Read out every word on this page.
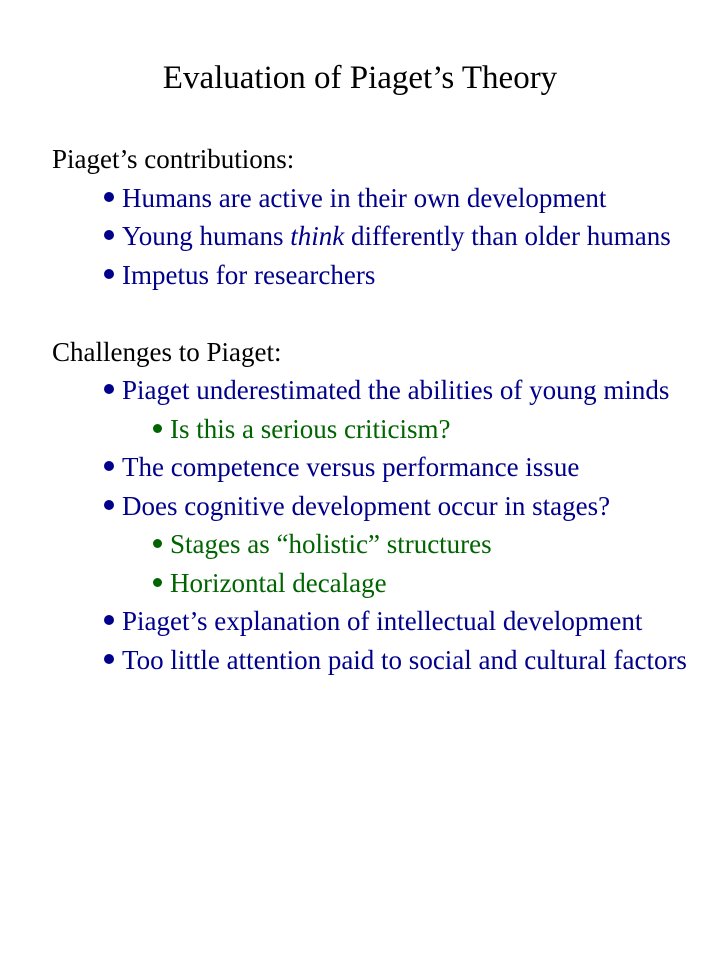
Evaluation of Piaget’s Theory
Piaget’s contributions:
Humans are active in their own development
Young humans think differently than older humans
Impetus for researchers
Challenges to Piaget:
Piaget underestimated the abilities of young minds
Is this a serious criticism?
The competence versus performance issue
Does cognitive development occur in stages?
Stages as “holistic” structures
Horizontal decalage
Piaget’s explanation of intellectual development
Too little attention paid to social and cultural factors
